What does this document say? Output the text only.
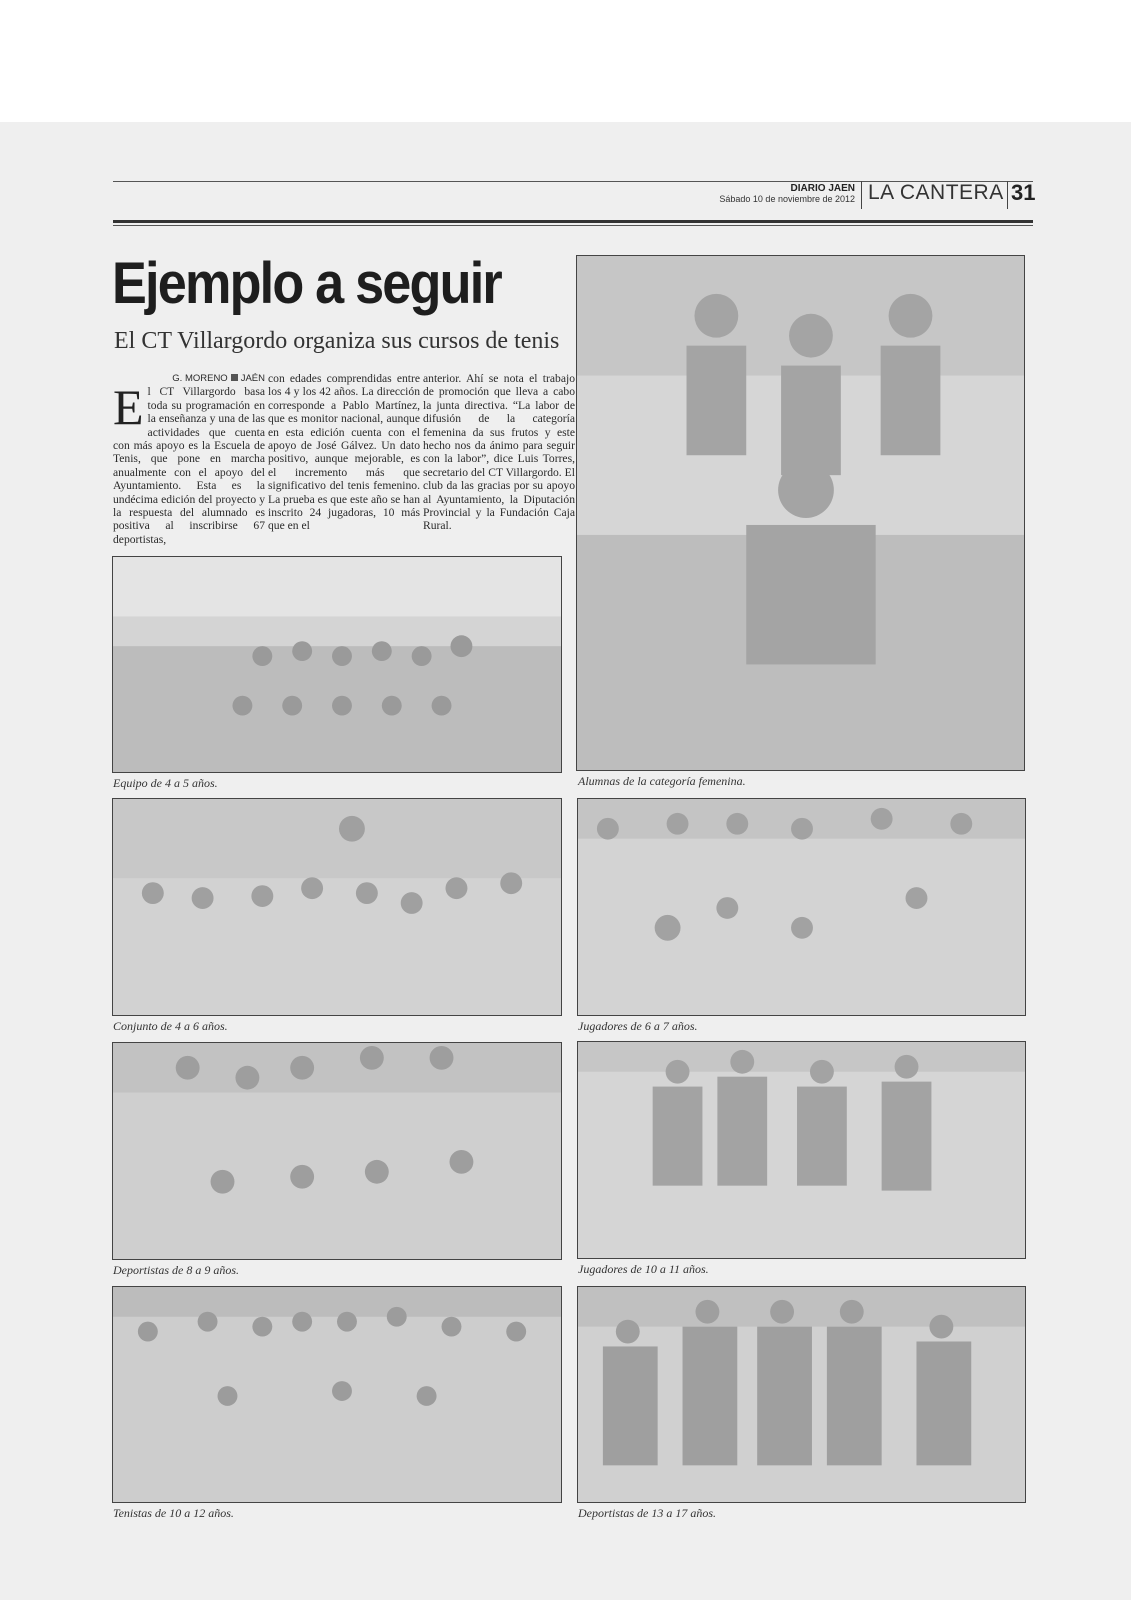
DIARIO JAEN
Sábado 10 de noviembre de 2012 LA CANTERA 31
Ejemplo a seguir
El CT Villargordo organiza sus cursos de tenis
G. MORENO JAÉN
E l CT Villargordo basa toda su programación en la enseñanza y una de las actividades que cuenta con más apoyo es la Escuela de Tenis, que pone en marcha anualmente con el apoyo del Ayuntamiento. Esta es la undécima edición del proyecto y la respuesta del alumnado es positiva al inscribirse 67 deportistas,
con edades comprendidas entre los 4 y los 42 años. La dirección corresponde a Pablo Martínez, que es monitor nacional, aunque en esta edición cuenta con el apoyo de José Gálvez. Un dato positivo, aunque mejorable, es el incremento más que significativo del tenis femenino. La prueba es que este año se han inscrito 24 jugadoras, 10 más que en el
anterior. Ahí se nota el trabajo de promoción que lleva a cabo la junta directiva. “La labor de difusión de la categoría femenina da sus frutos y este hecho nos da ánimo para seguir con la labor”, dice Luis Torres, secretario del CT Villargordo. El club da las gracias por su apoyo al Ayuntamiento, la Diputación Provincial y la Fundación Caja Rural.
Equipo de 4 a 5 años.	Alumnas de la categoría femenina.
Conjunto de 4 a 6 años.	Jugadores de 6 a 7 años.
Deportistas de 8 a 9 años.	Jugadores de 10 a 11 años.
Tenistas de 10 a 12 años.	Deportistas de 13 a 17 años.
